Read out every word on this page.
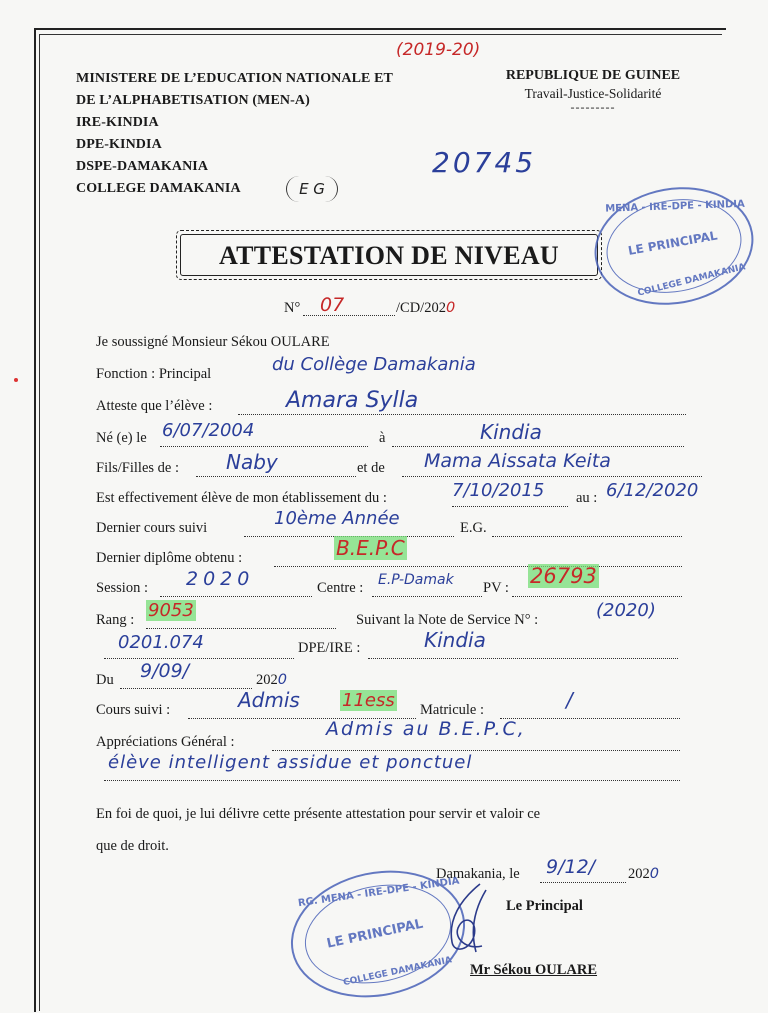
MINISTERE DE L’EDUCATION NATIONALE ET
DE L’ALPHABETISATION (MEN-A)
IRE-KINDIA
DPE-KINDIA
DSPE-DAMAKANIA
COLLEGE DAMAKANIA	E G
REPUBLIQUE DE GUINEE
Travail-Justice-Solidarité
---------
(2019-20)
20745
ATTESTATION DE NIVEAU
MENA - IRE-DPE - KINDIA
LE PRINCIPAL
COLLEGE DAMAKANIA
N° 07	/CD/2020
Je soussigné Monsieur Sékou OULARE
Fonction : Principal	du Collège Damakania
Atteste que l’élève :	Amara Sylla
Né (e) le 6/07/2004	à	Kindia
Fils/Filles de : Naby	et de Mama Aissata Keita
Est effectivement élève de mon établissement du :	7/10/2015 au : 6/12/2020
Dernier cours suivi	10ème Année	E.G.
Dernier diplôme obtenu :	B.E.P.C
Session : 2020	Centre : E.P-Damak PV : 26793
Rang : 9053	Suivant la Note de Service N° :	(2020)
0201.074	DPE/IRE :	Kindia
Du 9/09/	2020
Cours suivi :	Admis 11ess Matricule :	/
Appréciations Général :
Admis au B.E.P.C,
élève intelligent assidue et ponctuel
En foi de quoi, je lui délivre cette présente attestation pour servir et valoir ce
que de droit.
Damakania, le 9/12/ 2020
Le Principal
RG. MENA - IRE-DPE - KINDIA
LE PRINCIPAL
COLLEGE DAMAKANIA Mr Sékou OULARE
